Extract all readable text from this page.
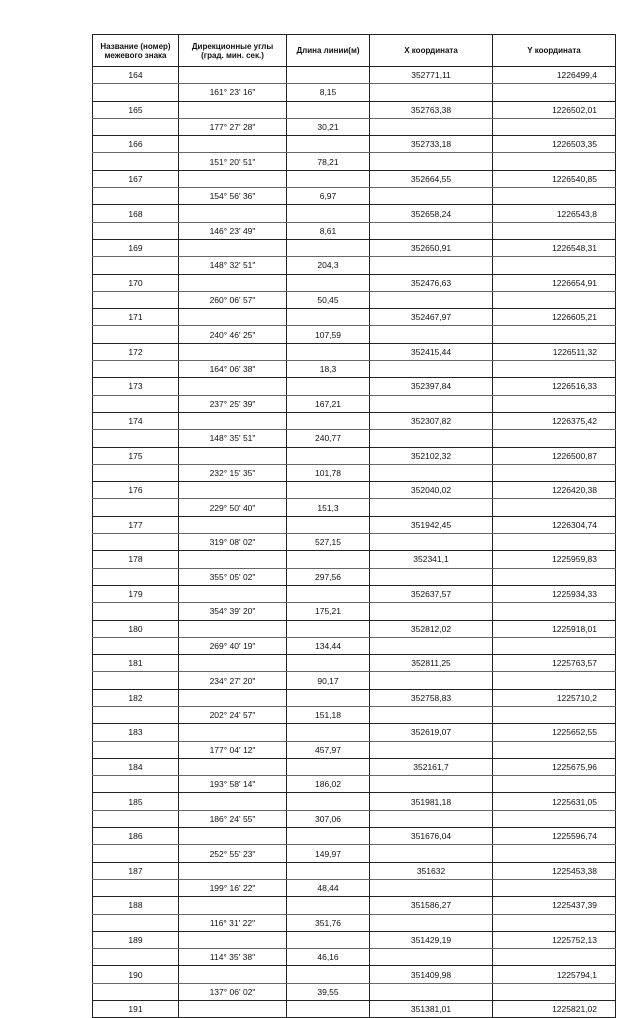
Название (номер) межевого знака	Дирекционные углы (град. мин. сек.)	Длина линии(м)	X координата	Y координата
164			352771,11	1226499,4
	161° 23' 16"	8,15		
165			352763,38	1226502,01
	177° 27' 28"	30,21		
166			352733,18	1226503,35
	151° 20' 51"	78,21		
167			352664,55	1226540,85
	154° 56' 36"	6,97		
168			352658,24	1226543,8
	146° 23' 49"	8,61		
169			352650,91	1226548,31
	148° 32' 51"	204,3		
170			352476,63	1226654,91
	260° 06' 57"	50,45		
171			352467,97	1226605,21
	240° 46' 25"	107,59		
172			352415,44	1226511,32
	164° 06' 38"	18,3		
173			352397,84	1226516,33
	237° 25' 39"	167,21		
174			352307,82	1226375,42
	148° 35' 51"	240,77		
175			352102,32	1226500,87
	232° 15' 35"	101,78		
176			352040,02	1226420,38
	229° 50' 40"	151,3		
177			351942,45	1226304,74
	319° 08' 02"	527,15		
178			352341,1	1225959,83
	355° 05' 02"	297,56		
179			352637,57	1225934,33
	354° 39' 20"	175,21		
180			352812,02	1225918,01
	269° 40' 19"	134,44		
181			352811,25	1225763,57
	234° 27' 20"	90,17		
182			352758,83	1225710,2
	202° 24' 57"	151,18		
183			352619,07	1225652,55
	177° 04' 12"	457,97		
184			352161,7	1225675,96
	193° 58' 14"	186,02		
185			351981,18	1225631,05
	186° 24' 55"	307,06		
186			351676,04	1225596,74
	252° 55' 23"	149,97		
187			351632	1225453,38
	199° 16' 22"	48,44		
188			351586,27	1225437,39
	116° 31' 22"	351,76		
189			351429,19	1225752,13
	114° 35' 38"	46,16		
190			351409,98	1225794,1
	137° 06' 02"	39,55		
191			351381,01	1225821,02
